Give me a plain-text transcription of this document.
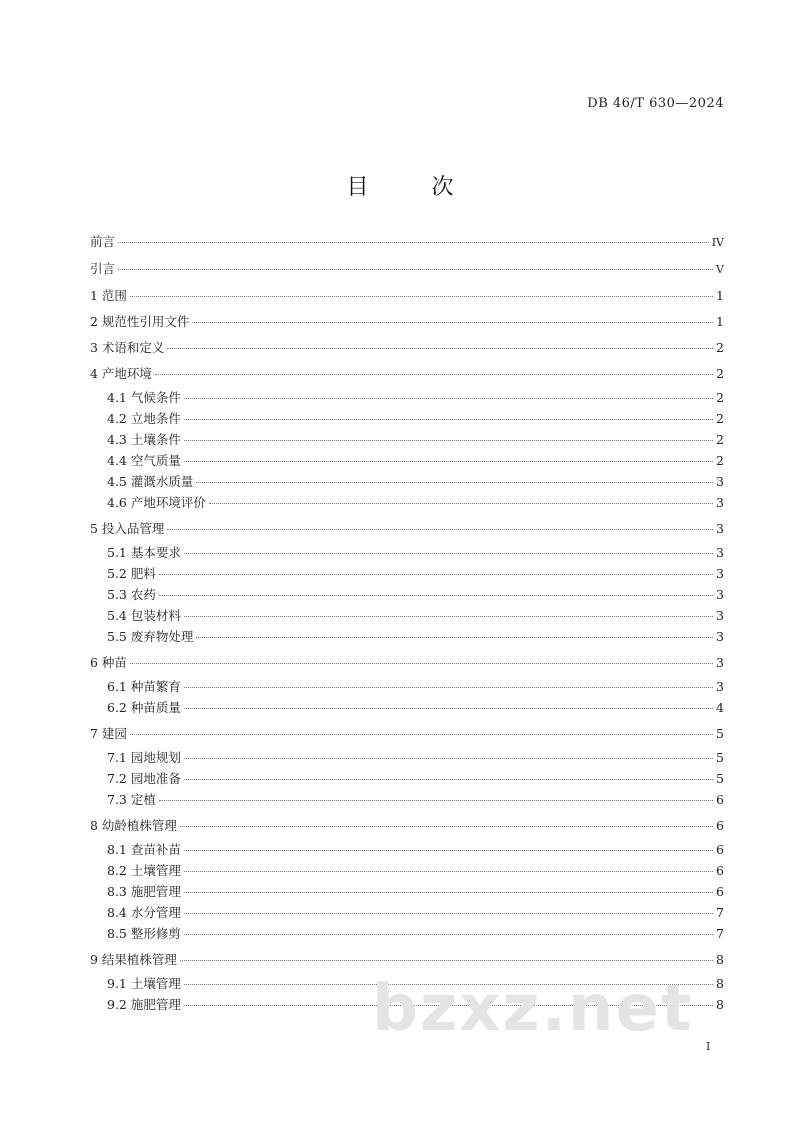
DB 46/T 630—2024
目 次
前言	IV
引言	V
1 范围	1
2 规范性引用文件	1
3 术语和定义	2
4 产地环境	2
4.1 气候条件	2
4.2 立地条件	2
4.3 土壤条件	2
4.4 空气质量	2
4.5 灌溉水质量	3
4.6 产地环境评价	3
5 投入品管理	3
5.1 基本要求	3
5.2 肥料	3
5.3 农药	3
5.4 包装材料	3
5.5 废弃物处理	3
6 种苗	3
6.1 种苗繁育	3
6.2 种苗质量	4
7 建园	5
7.1 园地规划	5
7.2 园地准备	5
7.3 定植	6
8 幼龄植株管理	6
8.1 查苗补苗	6
8.2 土壤管理	6
8.3 施肥管理	6
8.4 水分管理	7
8.5 整形修剪	7
9 结果植株管理	8
9.1 土壤管理	8
9.2 施肥管理	8
I
bzxz.net
